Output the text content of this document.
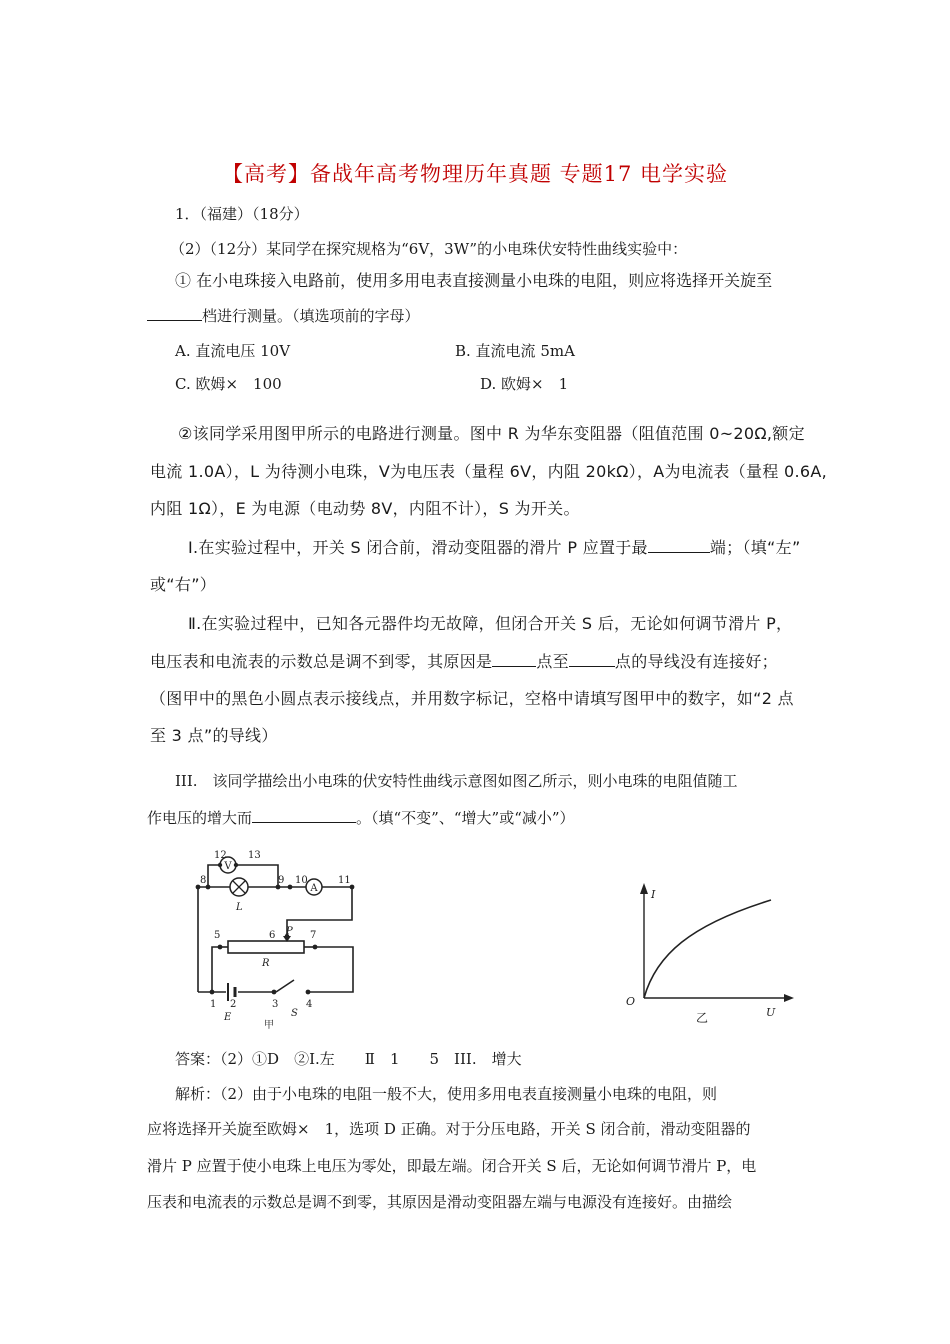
【高考】备战年高考物理历年真题 专题17 电学实验
1．（福建）（18分）
（2）（12分）某同学在探究规格为“6V，3W”的小电珠伏安特性曲线实验中：
① 在小电珠接入电路前，使用多用电表直接测量小电珠的电阻，则应将选择开关旋至
档进行测量。（填选项前的字母）
A. 直流电压 10V	B. 直流电流 5mA
C. 欧姆×　100	D. 欧姆×　1
②该同学采用图甲所示的电路进行测量。图中 R 为华东变阻器（阻值范围 0~20Ω,额定
电流 1.0A），L 为待测小电珠，V为电压表（量程 6V，内阻 20kΩ），A为电流表（量程 0.6A,
内阻 1Ω），E 为电源（电动势 8V，内阻不计），S 为开关。
Ⅰ.在实验过程中，开关 S 闭合前，滑动变阻器的滑片 P 应置于最	端；（填“左”
或“右”）
Ⅱ.在实验过程中，已知各元器件均无故障，但闭合开关 S 后，无论如何调节滑片 P，
电压表和电流表的示数总是调不到零，其原因是	点至	点的导线没有连接好；
（图甲中的黑色小圆点表示接线点，并用数字标记，空格中请填写图甲中的数字，如“2 点
至 3 点”的导线）
III.　该同学描绘出小电珠的伏安特性曲线示意图如图乙所示，则小电珠的电阻值随工
作电压的增大而	。（填“不变”、“增大”或“减小”）
V
A
12 13
8	9 10	11
5	6	7
1 2	3	4
L
R
E	S
P
甲
O
I
U
乙
答案：（2）①D　②Ⅰ.左　　Ⅱ　1　　5　III.　增大
解析：（2）由于小电珠的电阻一般不大，使用多用电表直接测量小电珠的电阻，则
应将选择开关旋至欧姆×　1，选项 D 正确。对于分压电路，开关 S 闭合前，滑动变阻器的
滑片 P 应置于使小电珠上电压为零处，即最左端。闭合开关 S 后，无论如何调节滑片 P，电
压表和电流表的示数总是调不到零，其原因是滑动变阻器左端与电源没有连接好。由描绘
